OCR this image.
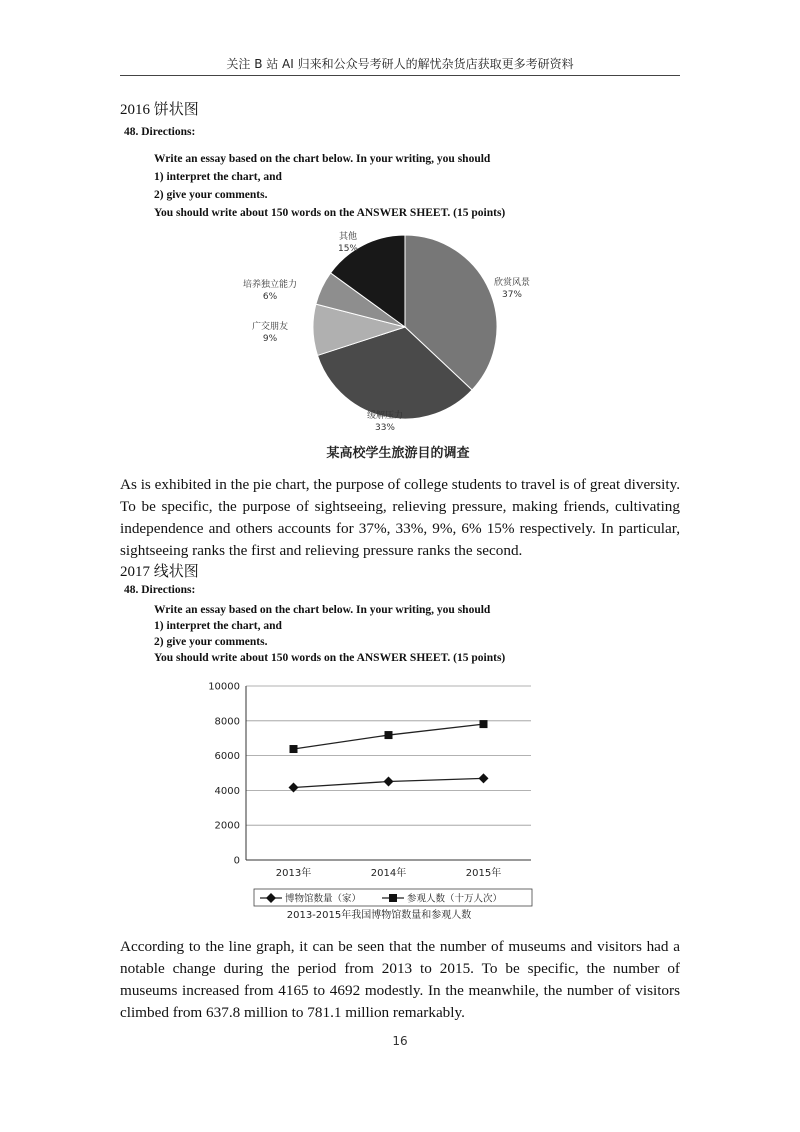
关注 B 站 AI 归来和公众号考研人的解忧杂货店获取更多考研资料
2016 饼状图
48. Directions:
Write an essay based on the chart below. In your writing, you should
1) interpret the chart, and
2) give your comments.
You should write about 150 words on the ANSWER SHEET. (15 points)
欣赏风景
37%
缓解压力
33%
广交朋友
9%
培养独立能力
6%
其他
15%
某高校学生旅游目的调查
As is exhibited in the pie chart, the purpose of college students to travel is of great diversity. To be specific, the purpose of sightseeing, relieving pressure, making friends, cultivating independence and others accounts for 37%, 33%, 9%, 6% 15% respectively. In particular, sightseeing ranks the first and relieving pressure ranks the second.
2017 线状图
48. Directions:
Write an essay based on the chart below. In your writing, you should
1) interpret the chart, and
2) give your comments.
You should write about 150 words on the ANSWER SHEET. (15 points)
10000
8000
6000
4000
2000
0
2013年	2014年	2015年
博物馆数量（家）	参观人数（十万人次）
2013-2015年我国博物馆数量和参观人数
According to the line graph, it can be seen that the number of museums and visitors had a notable change during the period from 2013 to 2015. To be specific, the number of museums increased from 4165 to 4692 modestly. In the meanwhile, the number of visitors climbed from 637.8 million to 781.1 million remarkably.
16
